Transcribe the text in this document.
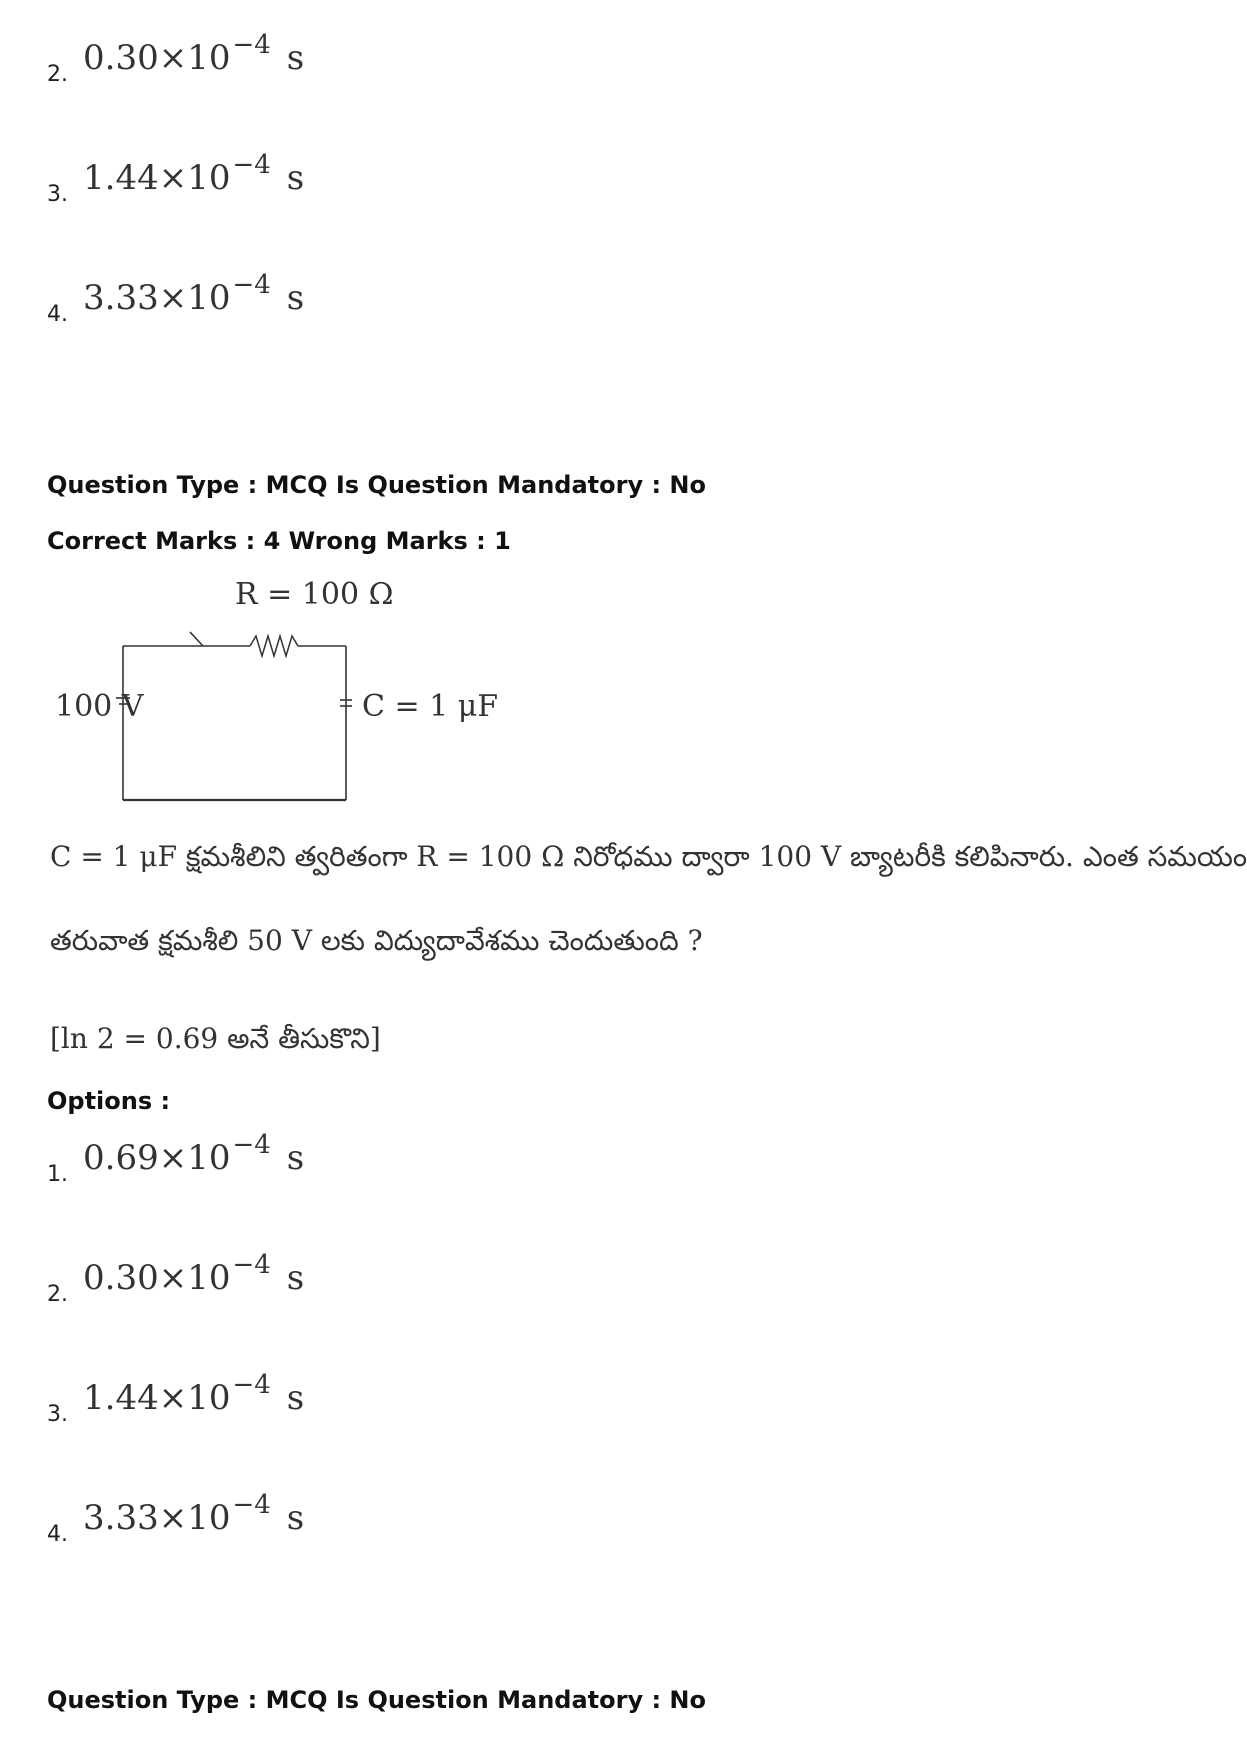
2. $0.30\times 10^{-4}$ s
3. $1.44\times 10^{-4}$ s
4. $3.33\times 10^{-4}$ s
Question Type : MCQ Is Question Mandatory : No
Correct Marks : 4 Wrong Marks : 1
R = 100 Ω
100 V	C = 1 μF
C = 1 μF క్షమశీలిని త్వరితంగా R = 100 Ω నిరోధము ద్వారా 100 V బ్యాటరీకి కలిపినారు. ఎంత సమయం
తరువాత క్షమశీలి 50 V లకు విద్యుదావేశము చెందుతుంది ?
[ln 2 = 0.69 అనే తీసుకొని]
Options :
1. $0.69\times 10^{-4}$ s
2. $0.30\times 10^{-4}$ s
3. $1.44\times 10^{-4}$ s
4. $3.33\times 10^{-4}$ s
Question Type : MCQ Is Question Mandatory : No
